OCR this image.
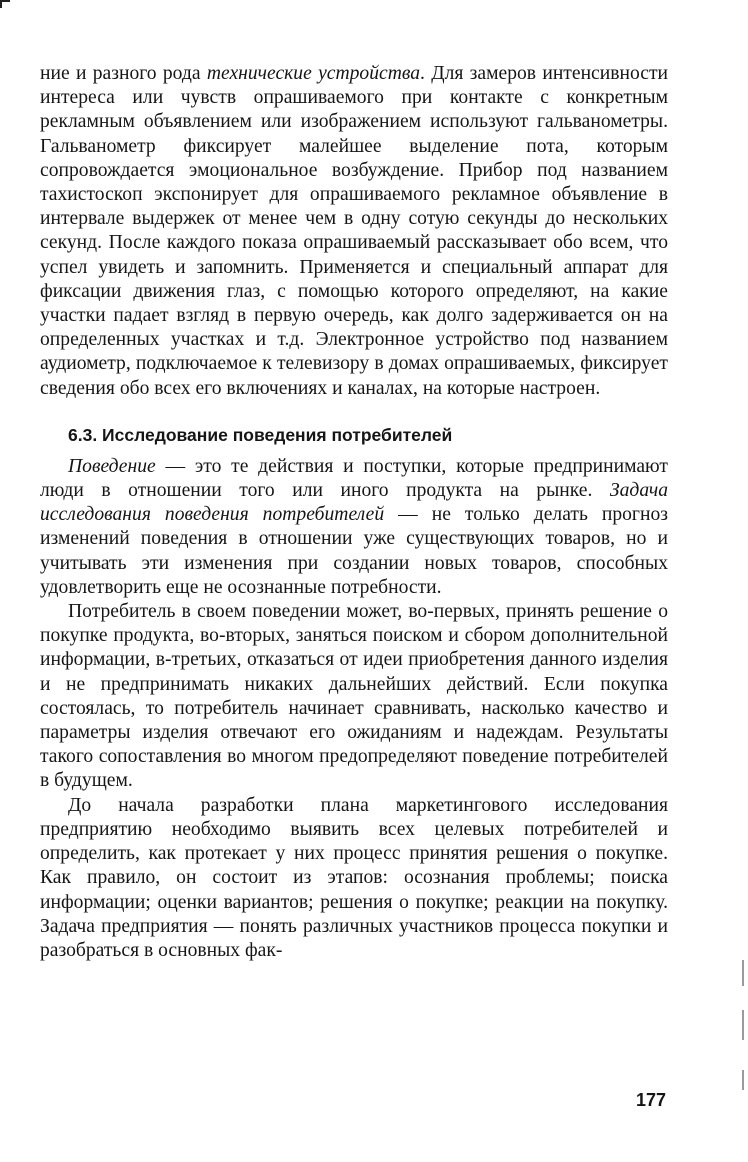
ние и разного рода технические устройства. Для замеров интенсивности интереса или чувств опрашиваемого при контакте с конкретным рекламным объявлением или изображением используют гальванометры. Гальванометр фиксирует малейшее выделение пота, которым сопровождается эмоциональное возбуждение. Прибор под названием тахистоскоп экспонирует для опрашиваемого рекламное объявление в интервале выдержек от менее чем в одну сотую секунды до нескольких секунд. После каждого показа опрашиваемый рассказывает обо всем, что успел увидеть и запомнить. Применяется и специальный аппарат для фиксации движения глаз, с помощью которого определяют, на какие участки падает взгляд в первую очередь, как долго задерживается он на определенных участках и т.д. Электронное устройство под названием аудиометр, подключаемое к телевизору в домах опрашиваемых, фиксирует сведения обо всех его включениях и каналах, на которые настроен.

6.3. Исследование поведения потребителей

Поведение — это те действия и поступки, которые предпринимают люди в отношении того или иного продукта на рынке. Задача исследования поведения потребителей — не только делать прогноз изменений поведения в отношении уже существующих товаров, но и учитывать эти изменения при создании новых товаров, способных удовлетворить еще не осознанные потребности.

Потребитель в своем поведении может, во-первых, принять решение о покупке продукта, во-вторых, заняться поиском и сбором дополнительной информации, в-третьих, отказаться от идеи приобретения данного изделия и не предпринимать никаких дальнейших действий. Если покупка состоялась, то потребитель начинает сравнивать, насколько качество и параметры изделия отвечают его ожиданиям и надеждам. Результаты такого сопоставления во многом предопределяют поведение потребителей в будущем.

До начала разработки плана маркетингового исследования предприятию необходимо выявить всех целевых потребителей и определить, как протекает у них процесс принятия решения о покупке. Как правило, он состоит из этапов: осознания проблемы; поиска информации; оценки вариантов; решения о покупке; реакции на покупку. Задача предприятия — понять различных участников процесса покупки и разобраться в основных фак-

177
